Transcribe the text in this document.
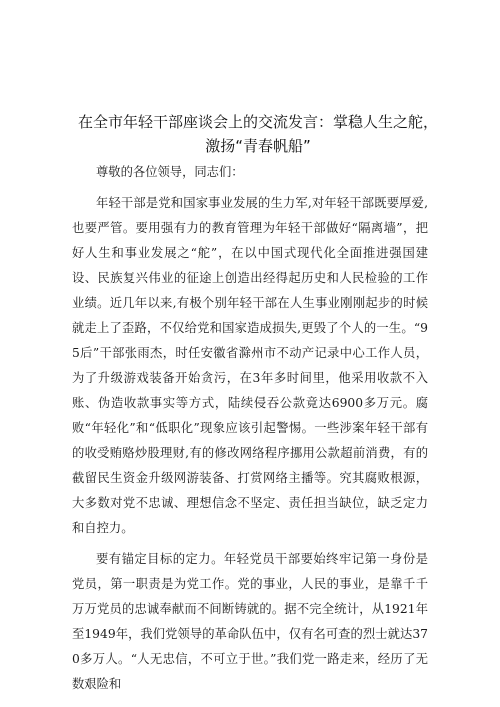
在全市年轻干部座谈会上的交流发言：掌稳人生之舵，激扬“青春帆船”

尊敬的各位领导，同志们：

年轻干部是党和国家事业发展的生力军,对年轻干部既要厚爱,也要严管。要用强有力的教育管理为年轻干部做好“隔离墙”，把好人生和事业发展之“舵”，在以中国式现代化全面推进强国建设、民族复兴伟业的征途上创造出经得起历史和人民检验的工作业绩。近几年以来,有极个别年轻干部在人生事业刚刚起步的时候就走上了歪路，不仅给党和国家造成损失,更毁了个人的一生。“95后”干部张雨杰，时任安徽省滁州市不动产记录中心工作人员，为了升级游戏装备开始贪污，在3年多时间里，他采用收款不入账、伪造收款事实等方式，陆续侵吞公款竟达6900多万元。腐败“年轻化”和“低职化”现象应该引起警惕。一些涉案年轻干部有的收受贿赂炒股理财,有的修改网络程序挪用公款超前消费，有的截留民生资金升级网游装备、打赏网络主播等。究其腐败根源，大多数对党不忠诚、理想信念不坚定、责任担当缺位，缺乏定力和自控力。

要有锚定目标的定力。年轻党员干部要始终牢记第一身份是党员，第一职责是为党工作。党的事业，人民的事业，是靠千千万万党员的忠诚奉献而不间断铸就的。据不完全统计，从1921年至1949年，我们党领导的革命队伍中，仅有名可查的烈士就达370多万人。“人无忠信，不可立于世。”我们党一路走来，经历了无数艰险和
